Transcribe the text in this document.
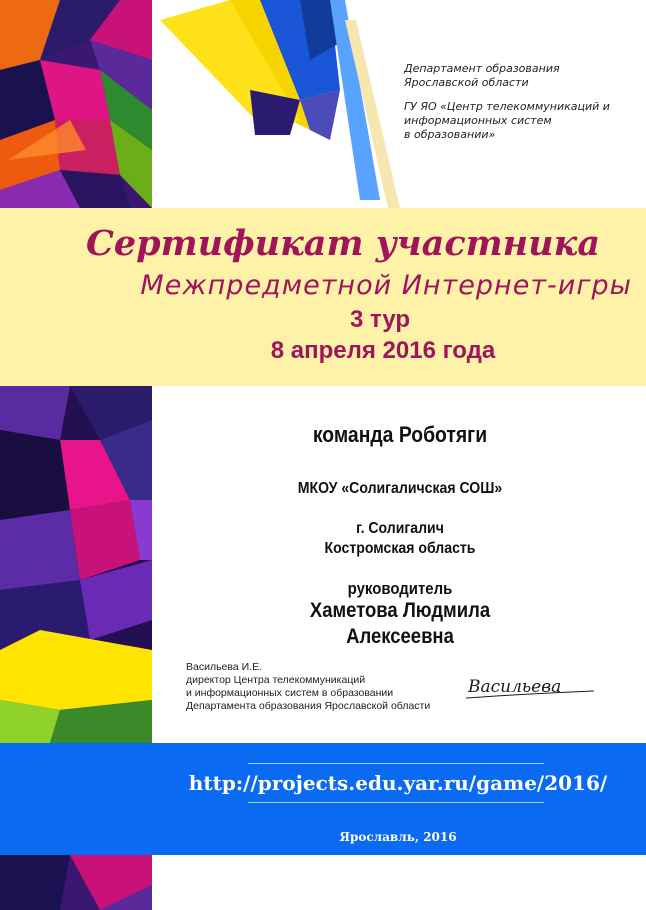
Департамент образования
Ярославской области
ГУ ЯО «Центр телекоммуникаций и
информационных систем
в образовании»
Сертификат участника
Межпредметной Интернет-игры
3 тур
8 апреля 2016 года
команда Роботяги
МКОУ «Солигаличская СОШ»
г. Солигалич
Костромская область
руководитель
Хаметова Людмила Алексеевна
Васильева И.Е.
директор Центра телекоммуникаций
и информационных систем в образовании
Департамента образования Ярославской области
Васильева
http://projects.edu.yar.ru/game/2016/
Ярославль, 2016
